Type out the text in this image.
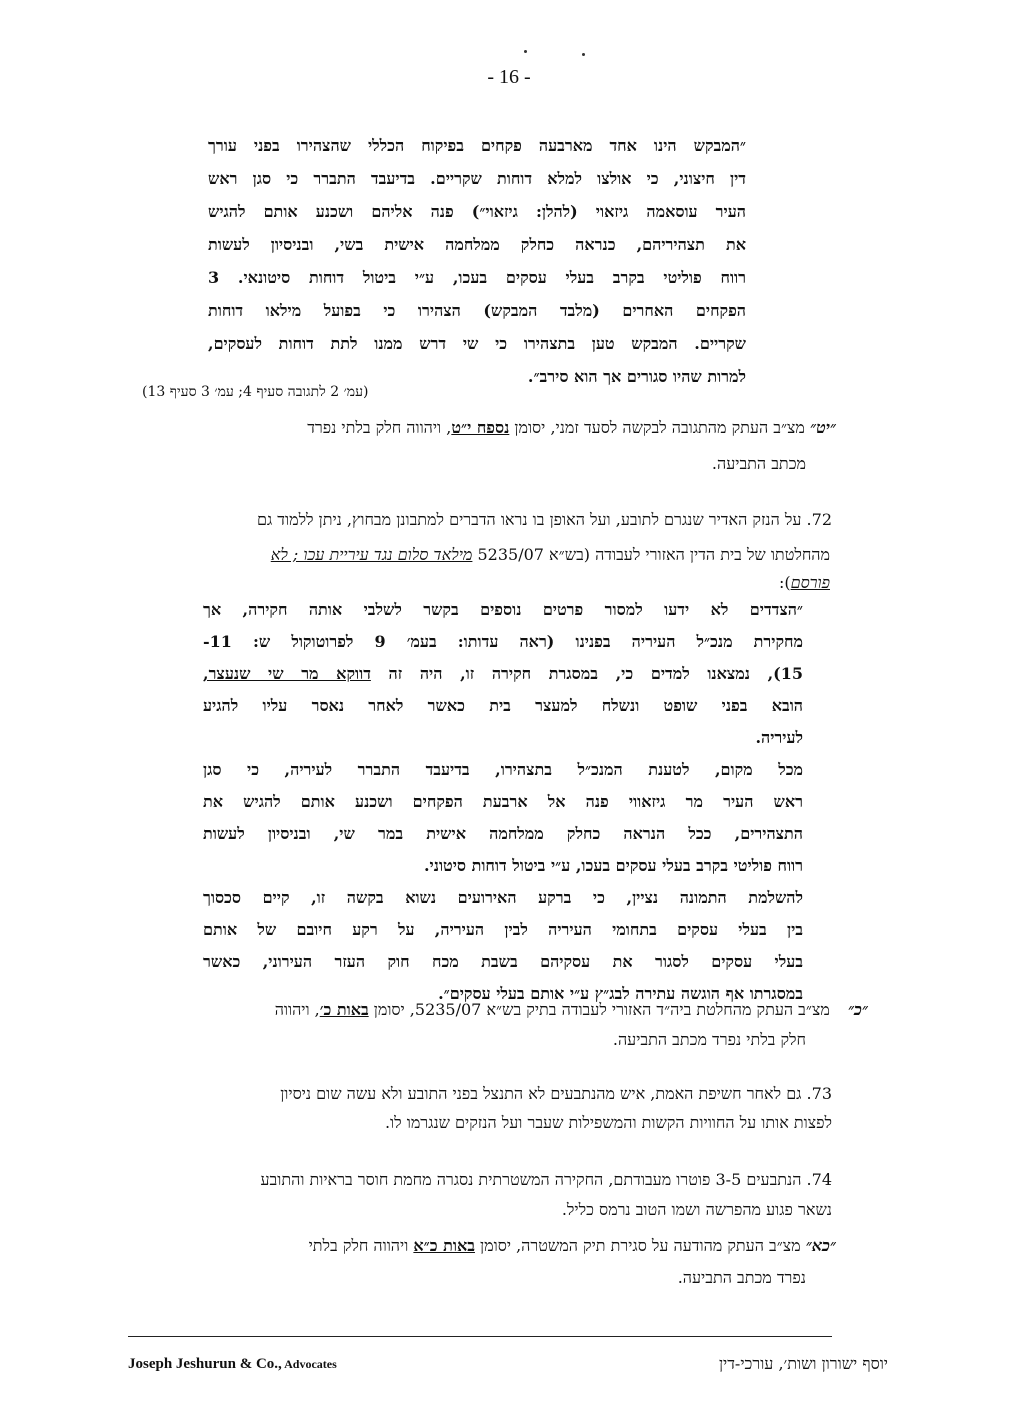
- 16 -
״המבקש הינו אחד מארבעה פקחים בפיקוח הכללי שהצהירו בפני עורך
דין חיצוני, כי אולצו למלא דוחות שקריים. בדיעבד התברר כי סגן ראש
העיר עוסאמה גיזאוי (להלן: גיזאוי״) פנה אליהם ושכנע אותם להגיש
את תצהיריהם, כנראה כחלק ממלחמה אישית בשי, ובניסיון לעשות
רווח פוליטי בקרב בעלי עסקים בעכו, ע״י ביטול דוחות סיטונאי. 3
הפקחים האחרים (מלבד המבקש) הצהירו כי בפועל מילאו דוחות
שקריים. המבקש טען בתצהירו כי שי דרש ממנו לתת דוחות לעסקים,
למרות שהיו סגורים אך הוא סירב״.
(עמ׳ 2 לתגובה סעיף 4; עמ׳ 3 סעיף 13)
״יט״ מצ״ב העתק מהתגובה לבקשה לסעד זמני, יסומן נספח י״ט, ויהווה חלק בלתי נפרד
מכתב התביעה.
72. על הנזק האדיר שנגרם לתובע, ועל האופן בו נראו הדברים למתבונן מבחוץ, ניתן ללמוד גם
מהחלטתו של בית הדין האזורי לעבודה (בש״א 5235/07 מילאד סלום נגד עיריית עכו ; לא
פורסם):
״הצדדים לא ידעו למסור פרטים נוספים בקשר לשלבי אותה חקירה, אך
מחקירת מנכ״ל העיריה בפנינו (ראה עדותו: בעמ׳ 9 לפרוטוקול ש: 11-
15), נמצאנו למדים כי, במסגרת חקירה זו, היה זה דווקא מר שי שנעצר,
הובא בפני שופט ונשלח למעצר בית כאשר לאחר נאסר עליו להגיע
לעיריה.
מכל מקום, לטענת המנכ״ל בתצהירו, בדיעבד התברר לעיריה, כי סגן
ראש העיר מר גיזאווי פנה אל ארבעת הפקחים ושכנע אותם להגיש את
התצהירים, ככל הנראה כחלק ממלחמה אישית במר שי, ובניסיון לעשות
רווח פוליטי בקרב בעלי עסקים בעכו, ע״י ביטול דוחות סיטוני.
להשלמת התמונה נציין, כי ברקע האירועים נשוא בקשה זו, קיים סכסוך
בין בעלי עסקים בתחומי העיריה לבין העיריה, על רקע חיובם של אותם
בעלי עסקים לסגור את עסקיהם בשבת מכח חוק העזר העירוני, כאשר
במסגרתו אף הוגשה עתירה לבג״ץ ע״י אותם בעלי עסקים״.
״כ״  מצ״ב העתק מהחלטת ביה״ד האזורי לעבודה בתיק בש״א 5235/07, יסומן באות כ׳, ויהווה
חלק בלתי נפרד מכתב התביעה.
73. גם לאחר חשיפת האמת, איש מהנתבעים לא התנצל בפני התובע ולא עשה שום ניסיון
לפצות אותו על החוויות הקשות והמשפילות שעבר ועל הנזקים שנגרמו לו.
74. הנתבעים 3-5 פוטרו מעבודתם, החקירה המשטרתית נסגרה מחמת חוסר בראיות והתובע
נשאר פגוע מהפרשה ושמו הטוב נרמס כליל.
״כא״ מצ״ב העתק מהודעה על סגירת תיק המשטרה, יסומן באות כ״א ויהווה חלק בלתי
נפרד מכתב התביעה.
Joseph Jeshurun & Co., Advocates	יוסף ישורון ושות׳, עורכי-דין
